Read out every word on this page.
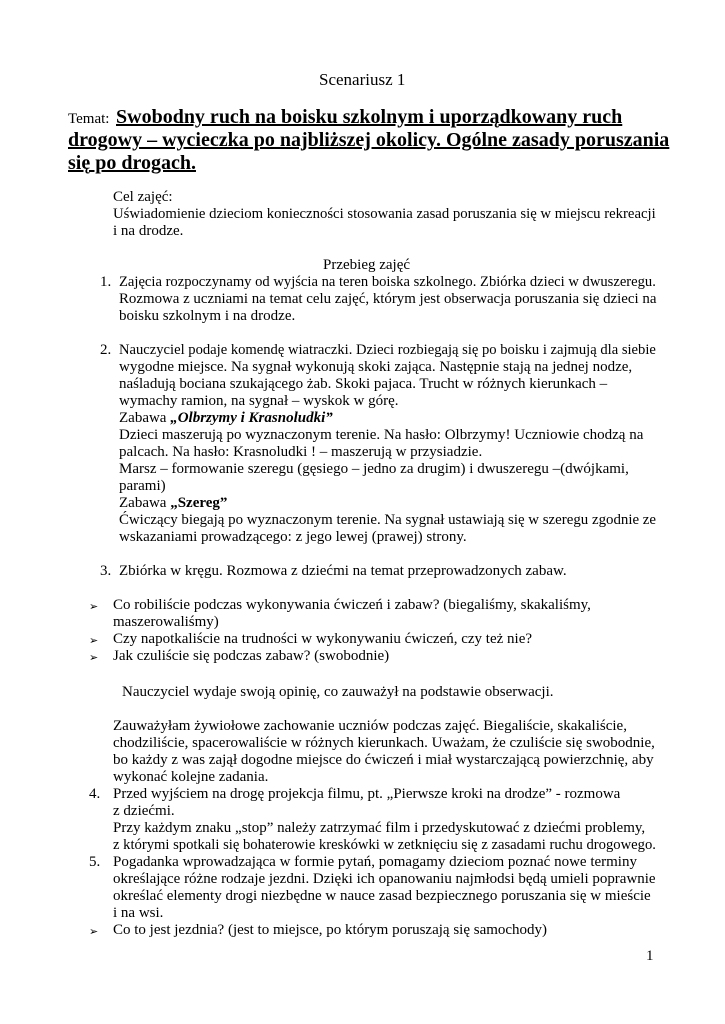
Scenariusz 1
Temat: Swobodny ruch na boisku szkolnym i uporządkowany ruch
drogowy – wycieczka po najbliższej okolicy. Ogólne zasady poruszania
się po drogach.
Cel zajęć:
Uświadomienie dzieciom konieczności stosowania zasad poruszania się w miejscu rekreacji
i na drodze.
Przebieg zajęć
1. Zajęcia rozpoczynamy od wyjścia na teren boiska szkolnego. Zbiórka dzieci w dwuszeregu.
Rozmowa z uczniami na temat celu zajęć, którym jest obserwacja poruszania się dzieci na
boisku szkolnym i na drodze.
2. Nauczyciel podaje komendę wiatraczki. Dzieci rozbiegają się po boisku i zajmują dla siebie
wygodne miejsce. Na sygnał wykonują skoki zająca. Następnie stają na jednej nodze,
naśladują bociana szukającego żab. Skoki pajaca. Trucht w różnych kierunkach –
wymachy ramion, na sygnał – wyskok w górę.
Zabawa „Olbrzymy i Krasnoludki”
Dzieci maszerują po wyznaczonym terenie. Na hasło: Olbrzymy! Uczniowie chodzą na
palcach. Na hasło: Krasnoludki ! – maszerują w przysiadzie.
Marsz – formowanie szeregu (gęsiego – jedno za drugim) i dwuszeregu –(dwójkami,
parami)
Zabawa „Szereg”
Ćwiczący biegają po wyznaczonym terenie. Na sygnał ustawiają się w szeregu zgodnie ze
wskazaniami prowadzącego: z jego lewej (prawej) strony.
3. Zbiórka w kręgu. Rozmowa z dziećmi na temat przeprowadzonych zabaw.
➢ Co robiliście podczas wykonywania ćwiczeń i zabaw? (biegaliśmy, skakaliśmy,
maszerowaliśmy)
➢ Czy napotkaliście na trudności w wykonywaniu ćwiczeń, czy też nie?
➢ Jak czuliście się podczas zabaw? (swobodnie)
Nauczyciel wydaje swoją opinię, co zauważył na podstawie obserwacji.
Zauważyłam żywiołowe zachowanie uczniów podczas zajęć. Biegaliście, skakaliście,
chodziliście, spacerowaliście w różnych kierunkach. Uważam, że czuliście się swobodnie,
bo każdy z was zajął dogodne miejsce do ćwiczeń i miał wystarczającą powierzchnię, aby
wykonać kolejne zadania.
4. Przed wyjściem na drogę projekcja filmu, pt. „Pierwsze kroki na drodze” - rozmowa
z dziećmi.
Przy każdym znaku „stop” należy zatrzymać film i przedyskutować z dziećmi problemy,
z którymi spotkali się bohaterowie kreskówki w zetknięciu się z zasadami ruchu drogowego.
5. Pogadanka wprowadzająca w formie pytań, pomagamy dzieciom poznać nowe terminy
określające różne rodzaje jezdni. Dzięki ich opanowaniu najmłodsi będą umieli poprawnie
określać elementy drogi niezbędne w nauce zasad bezpiecznego poruszania się w mieście
i na wsi.
➢ Co to jest jezdnia? (jest to miejsce, po którym poruszają się samochody)
1
